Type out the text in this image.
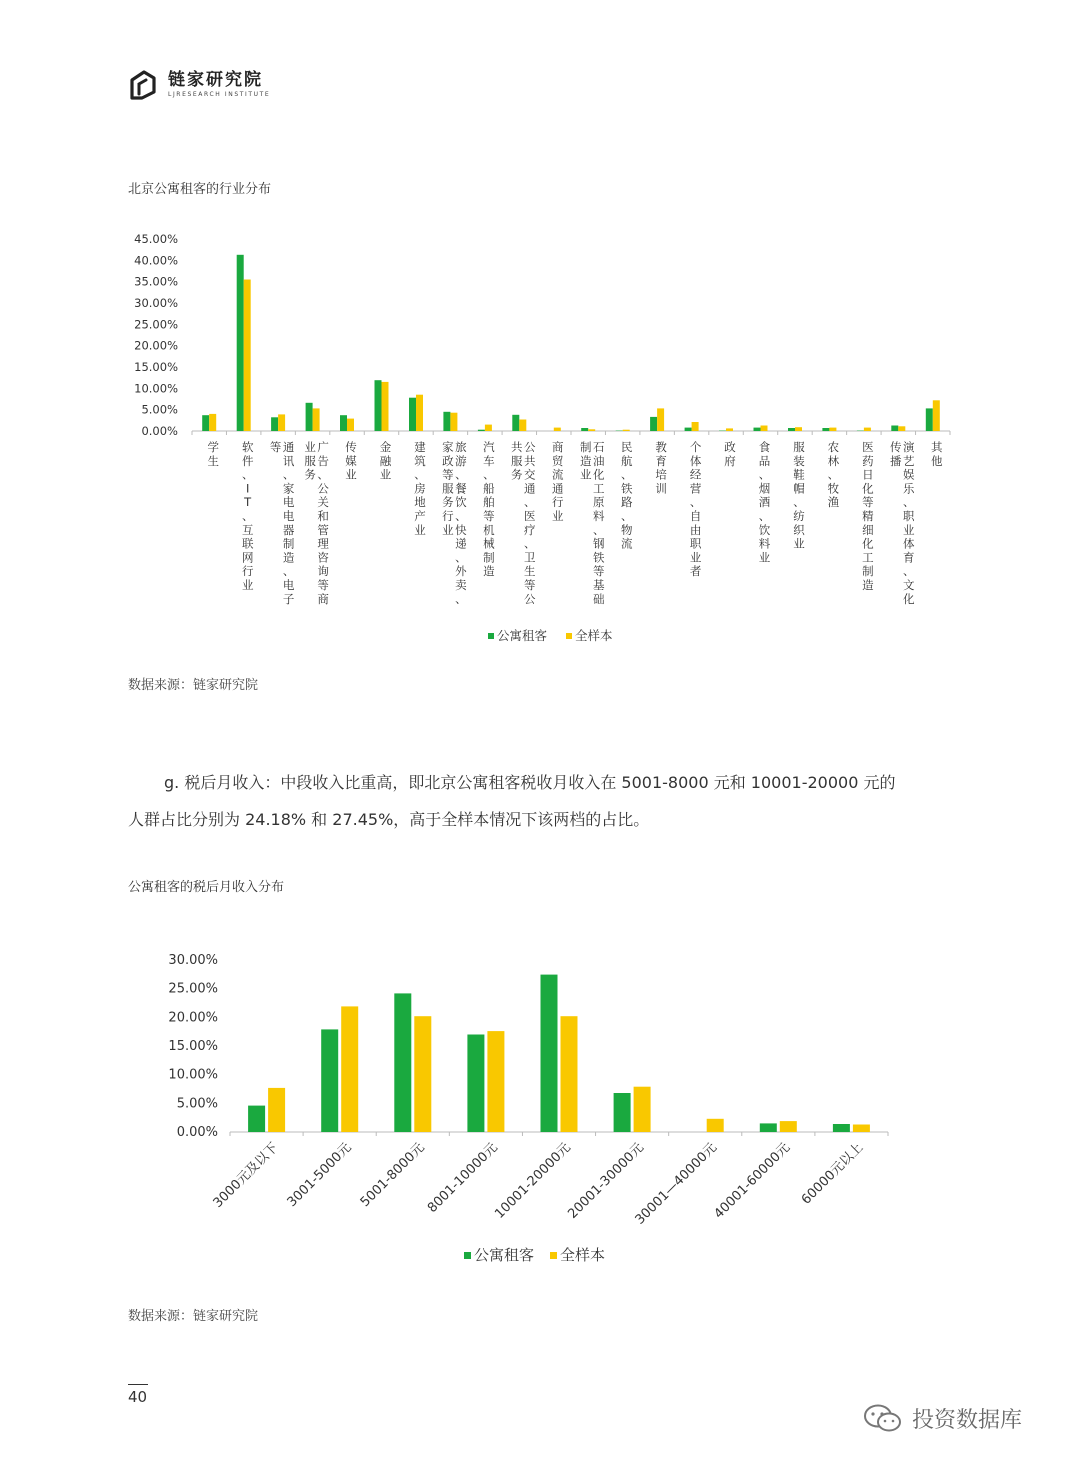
链家研究院
LJRESEARCH INSTITUTE
北京公寓租客的行业分布
0.00%
5.00%
10.00%
15.00%
20.00%
25.00%
30.00%
35.00%
40.00%
45.00%
学
生
软
件
、
I
T
、
互
联
网
行
业
通
讯
、
家
电
电
器
制
造
、
电
子
等	广
告
、
公
关
和
管
理
咨
询
等
商
业
服
务
传
媒
业
金
融
业
建
筑
、
房
地
产
业
旅
游
、
餐
饮
、
快
递
、
外
卖
、
家
政
等
服
务
行
业
汽
车
、
船
舶
等
机
械
制
造
公
共
交
通
、
医
疗
、
卫
生
等
公
共
服
务
商
贸
流
通
行
业
石
油
化
工
原
料
、
钢
铁
等
基
础
制
造
业
民
航
、
铁
路
、
物
流
教
育
培
训
个
体
经
营
、
自
由
职
业
者
政
府
食
品
、
烟
酒
、
饮
料
业
服
装
鞋
帽
、
纺
织
业
农
林
、
牧
渔
医
药
日
化
等
精
细
化
工
制
造
演
艺
娱
乐
、
职
业
体
育
、
文
化
传
播
其
他
公寓租客 全样本
数据来源：链家研究院
g. 税后月收入：中段收入比重高，即北京公寓租客税收月收入在 5001-8000 元和 10001-20000 元的
人群占比分别为 24.18% 和 27.45%，高于全样本情况下该两档的占比。
公寓租客的税后月收入分布
0.00%
5.00%
10.00%
15.00%
20.00%
25.00%
30.00%
3000元及以下 3001-5000元 5001-8000元
8001-10000元
10001-20000元
20001-30000元
30001—40000元
40001-60000元 60000元以上
公寓租客 全样本
数据来源：链家研究院
40
投资数据库
